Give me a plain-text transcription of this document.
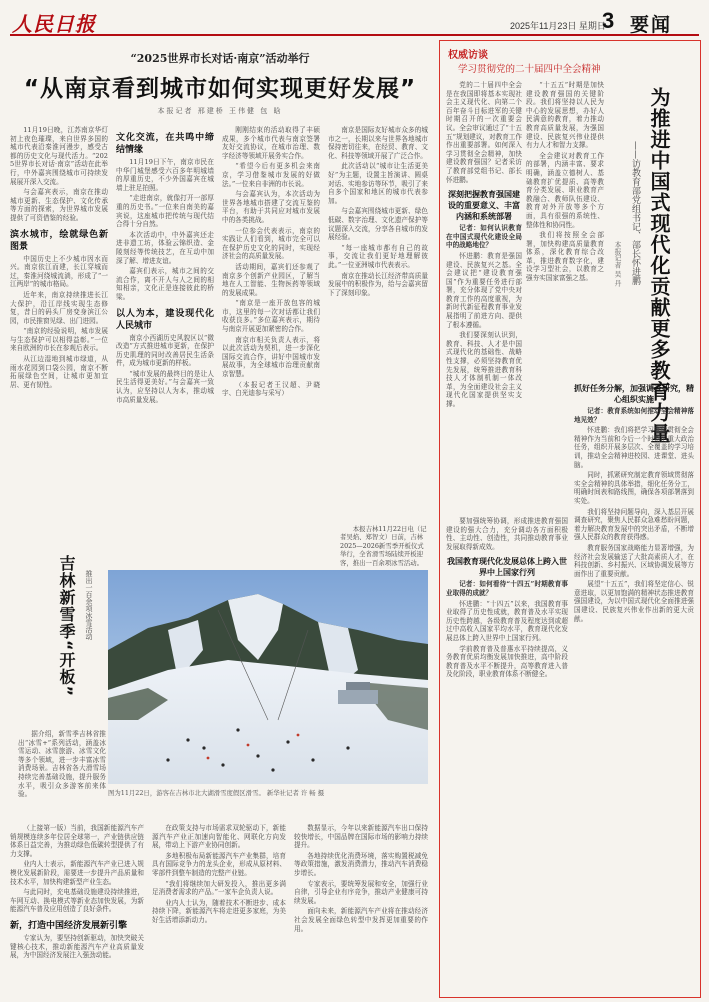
人民日报	2025年11月23日 星期日
3 要闻
“2025世界市长对话·南京”活动举行
“从南京看到城市如何实现更好发展”
本报记者 邢建桥 王伟健 包 晗

11月19日晚，江苏南京华灯初上夜色璀璨，来自世界多国的城市代表沿秦淮河漫步，感受古都的历史文化与现代活力。“2025世界市长对话·南京”活动在此举行，中外嘉宾围绕城市可持续发展展开深入交流。

与会嘉宾表示，南京在推动城市更新、生态保护、文化传承等方面的探索，为世界城市发展提供了可资借鉴的经验。

滨水城市，绘就绿色新图景

中国历史上不少城市因水而兴。南京依江而建，长江穿城而过，秦淮河绕城流淌，形成了“一江两岸”的城市格局。

近年来，南京持续推进长江大保护，沿江岸线实现生态修复，昔日的码头厂房变身滨江公园，市民推窗见绿、出门进园。

“南京的经验说明，城市发展与生态保护可以相得益彰。”一位来自欧洲的市长在参观后表示。

从江边湿地到城市绿道，从雨水花园到口袋公园，南京不断拓展绿色空间，让城市更加宜居、更有韧性。

文化交流，在共鸣中缔结情缘

11月19日下午，南京市民在中华门城堡感受六百多年明城墙的厚重历史，不少外国嘉宾在城墙上驻足拍照。

“走进南京，就像打开一部厚重的历史书。”一位来自南美的嘉宾说，这座城市把传统与现代结合得十分自然。

本次活动中，中外嘉宾还走进非遗工坊，体验云锦织造、金陵刻经等传统技艺，在互动中加深了解、增进友谊。

嘉宾们表示，城市之间的交流合作，离不开人与人之间的相知相亲，文化正是连接彼此的桥梁。

以人为本，建设现代化人民城市

南京小西湖历史风貌区以“微改造”方式推进城市更新，在保护历史肌理的同时改善居民生活条件，成为城市更新的样板。

“城市发展的最终目的是让人民生活得更美好。”与会嘉宾一致认为，应坚持以人为本，推动城市高质量发展。

刚刚结束的活动取得了丰硕成果，多个城市代表与南京签署友好交流协议，在城市治理、数字经济等领域开展务实合作。

“希望今后有更多机会来南京，学习借鉴城市发展的好做法。”一位来自非洲的市长说。

与会嘉宾认为，本次活动为世界各地城市搭建了交流互鉴的平台，有助于共同应对城市发展中的各类挑战。

一位参会代表表示，南京的实践让人们看到，城市完全可以在保护历史文化的同时，实现经济社会的高质量发展。

活动期间，嘉宾们还参观了南京多个创新产业园区，了解当地在人工智能、生物医药等领域的发展成果。

“南京是一座开放包容的城市，这里的每一次对话都让我们收获良多。”多位嘉宾表示，期待与南京开展更加紧密的合作。

南京市相关负责人表示，将以此次活动为契机，进一步深化国际交流合作，讲好中国城市发展故事，为全球城市治理贡献南京智慧。

（本报记者王汉超、尹晓宇、白光迪参与采写）

南京是国际友好城市众多的城市之一，长期以来与世界各地城市保持密切往来，在经贸、教育、文化、科技等领域开展了广泛合作。

此次活动以“城市让生活更美好”为主题，设置主旨演讲、圆桌对话、实地参访等环节，吸引了来自多个国家和地区的城市代表参加。

与会嘉宾围绕城市更新、绿色低碳、数字治理、文化遗产保护等议题深入交流，分享各自城市的发展经验。

“每一座城市都有自己的故事，交流让我们更好地理解彼此。”一位亚洲城市代表表示。

南京在推动长江经济带高质量发展中的积极作为，给与会嘉宾留下了深刻印象。

吉林新雪季“开板”	推出一百余项冰雪活动

据介绍，新雪季吉林省推出“冰雪+”系列活动，涵盖冰雪运动、冰雪旅游、冰雪文化等多个领域，进一步丰富冰雪消费场景。吉林省各大滑雪场持续完善基础设施，提升服务水平，吸引众多游客前来体验。

本报吉林11月22日电（记者吴焰、郑智文）日前，吉林2025—2026新雪季开板仪式举行，全省滑雪场陆续开板迎客，推出一百余项冰雪活动。
图为11月22日，游客在吉林市北大湖滑雪度假区滑雪。 新华社记者 许 畅 摄

（上接第一版）当前，我国新能源汽车产销规模连续多年位居全球第一，产业链供应链体系日益完善，为推动绿色低碳转型提供了有力支撑。

业内人士表示，新能源汽车产业已进入规模化发展新阶段，需要进一步提升产品质量和技术水平，加快构建新型产业生态。

与此同时，充电基础设施建设持续推进，车网互动、换电模式等新业态加快发展，为新能源汽车普及应用创造了良好条件。

新，打造中国经济发展新引擎

专家认为，要坚持创新驱动，加快突破关键核心技术，推动新能源汽车产业高质量发展，为中国经济发展注入强劲动能。

在政策支持与市场需求双轮驱动下，新能源汽车产业正加速向智能化、网联化方向发展，带动上下游产业协同创新。

多地积极布局新能源汽车产业集群，培育具有国际竞争力的龙头企业，形成从原材料、零部件到整车制造的完整产业链。

“我们将继续加大研发投入，推出更多满足消费者需求的产品。”一家车企负责人说。

业内人士认为，随着技术不断进步、成本持续下降，新能源汽车将走进更多家庭，为美好生活增添新动力。

数据显示，今年以来新能源汽车出口保持较快增长，中国品牌在国际市场的影响力持续提升。

各地持续优化消费环境，落实购置税减免等政策措施，激发消费潜力，推动汽车消费稳步增长。

专家表示，要统筹发展和安全，加强行业自律，引导企业有序竞争，推动产业健康可持续发展。

面向未来，新能源汽车产业将在推动经济社会发展全面绿色转型中发挥更加重要的作用。

权威访谈
学习贯彻党的二十届四中全会精神
为推进中国式现代化贡献更多教育力量
——访教育部党组书记、部长怀进鹏
本报记者 吴 丹

党的二十届四中全会是在我国即将基本实现社会主义现代化、向第二个百年奋斗目标进军的关键时期召开的一次重要会议。全会审议通过了“十五五”规划建议，对教育工作作出重要部署。如何深入学习贯彻全会精神，加快建设教育强国？记者采访了教育部党组书记、部长怀进鹏。

深刻把握教育强国建设的重要意义、丰富内涵和系统部署

记者：如何认识教育在中国式现代化建设全局中的战略地位？

怀进鹏：教育是强国建设、民族复兴之基。全会建议把“建设教育强国”作为重要任务进行部署，充分体现了党中央对教育工作的高度重视，为新时代新征程教育事业发展指明了前进方向、提供了根本遵循。

我们要深刻认识到，教育、科技、人才是中国式现代化的基础性、战略性支撑，必须坚持教育优先发展，统筹推进教育科技人才体制机制一体改革，为全面建设社会主义现代化国家提供坚实支撑。

“十五五”时期是加快建设教育强国的关键阶段。我们将坚持以人民为中心的发展思想，办好人民满意的教育，着力推动教育高质量发展，为强国建设、民族复兴伟业提供有力人才和智力支撑。

全会建议对教育工作的部署，内涵丰富、要求明确，涵盖立德树人、基础教育扩优提质、高等教育分类发展、职业教育产教融合、教师队伍建设、教育对外开放等多个方面，具有很强的系统性、整体性和协同性。

我们将按照全会部署，加快构建高质量教育体系，深化教育综合改革，推进教育数字化，建设学习型社会，以教育之强夯实国家富强之基。

要加强统筹协调，形成推进教育强国建设的强大合力，充分调动各方面积极性、主动性、创造性，共同推动教育事业发展取得新成效。

我国教育现代化发展总体上跨入世界中上国家行列

记者：如何看待“十四五”时期教育事业取得的成就？

怀进鹏：“十四五”以来，我国教育事业取得了历史性成就，教育普及水平实现历史性跨越，各级教育普及程度达到或超过中高收入国家平均水平，教育现代化发展总体上跨入世界中上国家行列。

学前教育普及普惠水平持续提高，义务教育优质均衡发展加快推进，高中阶段教育普及水平不断提升，高等教育进入普及化阶段，职业教育体系不断健全。

抓好任务分解，加强调查研究，精心组织实施

记者：教育系统如何推动全会精神落地见效？

怀进鹏：我们将把学习宣传贯彻全会精神作为当前和今后一个时期的重大政治任务，组织开展多层次、全覆盖的学习培训，推动全会精神进校园、进课堂、进头脑。

同时，抓紧研究制定教育领域贯彻落实全会精神的具体举措，细化任务分工，明确时间表和路线图，确保各项部署落到实处。

我们将坚持问题导向，深入基层开展调查研究，聚焦人民群众急难愁盼问题，着力解决教育发展中的突出矛盾，不断增强人民群众的教育获得感。

教育服务国家战略能力显著增强，为经济社会发展输送了大批高素质人才，在科技创新、乡村振兴、区域协调发展等方面作出了重要贡献。

展望“十五五”，我们将坚定信心、锐意进取，以更加饱满的精神状态推进教育强国建设，为以中国式现代化全面推进强国建设、民族复兴伟业作出新的更大贡献。
